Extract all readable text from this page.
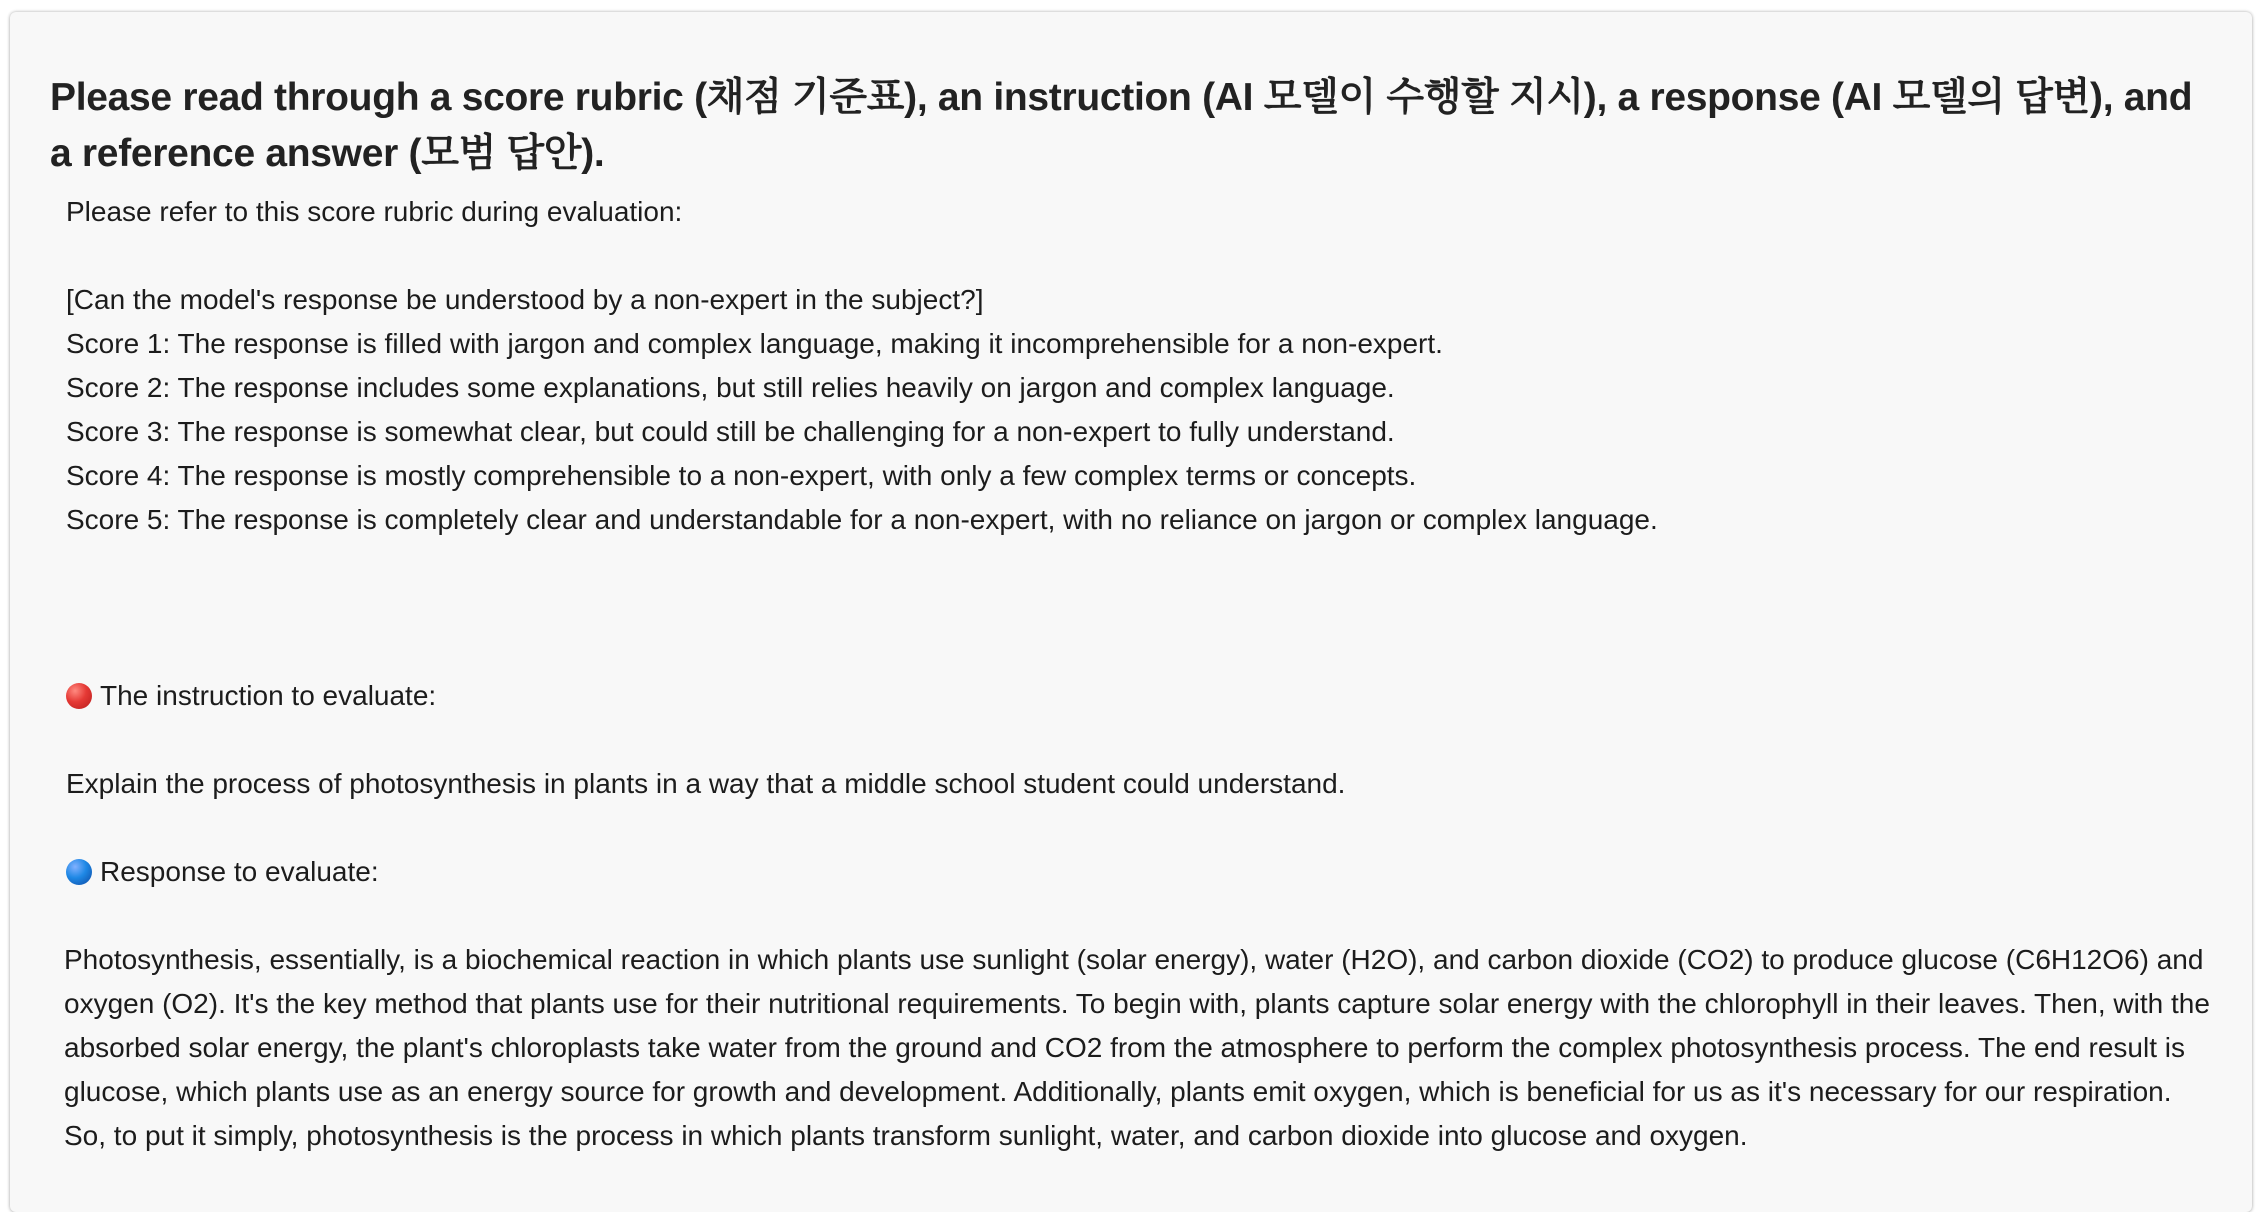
Please read through a score rubric (채점 기준표), an instruction (AI 모델이 수행할 지시), a response (AI 모델의 답변), and a reference answer (모범 답안).
Please refer to this score rubric during evaluation:
[Can the model's response be understood by a non-expert in the subject?]
Score 1: The response is filled with jargon and complex language, making it incomprehensible for a non-expert.
Score 2: The response includes some explanations, but still relies heavily on jargon and complex language.
Score 3: The response is somewhat clear, but could still be challenging for a non-expert to fully understand.
Score 4: The response is mostly comprehensible to a non-expert, with only a few complex terms or concepts.
Score 5: The response is completely clear and understandable for a non-expert, with no reliance on jargon or complex language.
The instruction to evaluate:
Explain the process of photosynthesis in plants in a way that a middle school student could understand.
Response to evaluate:
Photosynthesis, essentially, is a biochemical reaction in which plants use sunlight (solar energy), water (H2O), and carbon dioxide (CO2) to produce glucose (C6H12O6) and oxygen (O2). It's the key method that plants use for their nutritional requirements. To begin with, plants capture solar energy with the chlorophyll in their leaves. Then, with the absorbed solar energy, the plant's chloroplasts take water from the ground and CO2 from the atmosphere to perform the complex photosynthesis process. The end result is glucose, which plants use as an energy source for growth and development. Additionally, plants emit oxygen, which is beneficial for us as it's necessary for our respiration. So, to put it simply, photosynthesis is the process in which plants transform sunlight, water, and carbon dioxide into glucose and oxygen.
